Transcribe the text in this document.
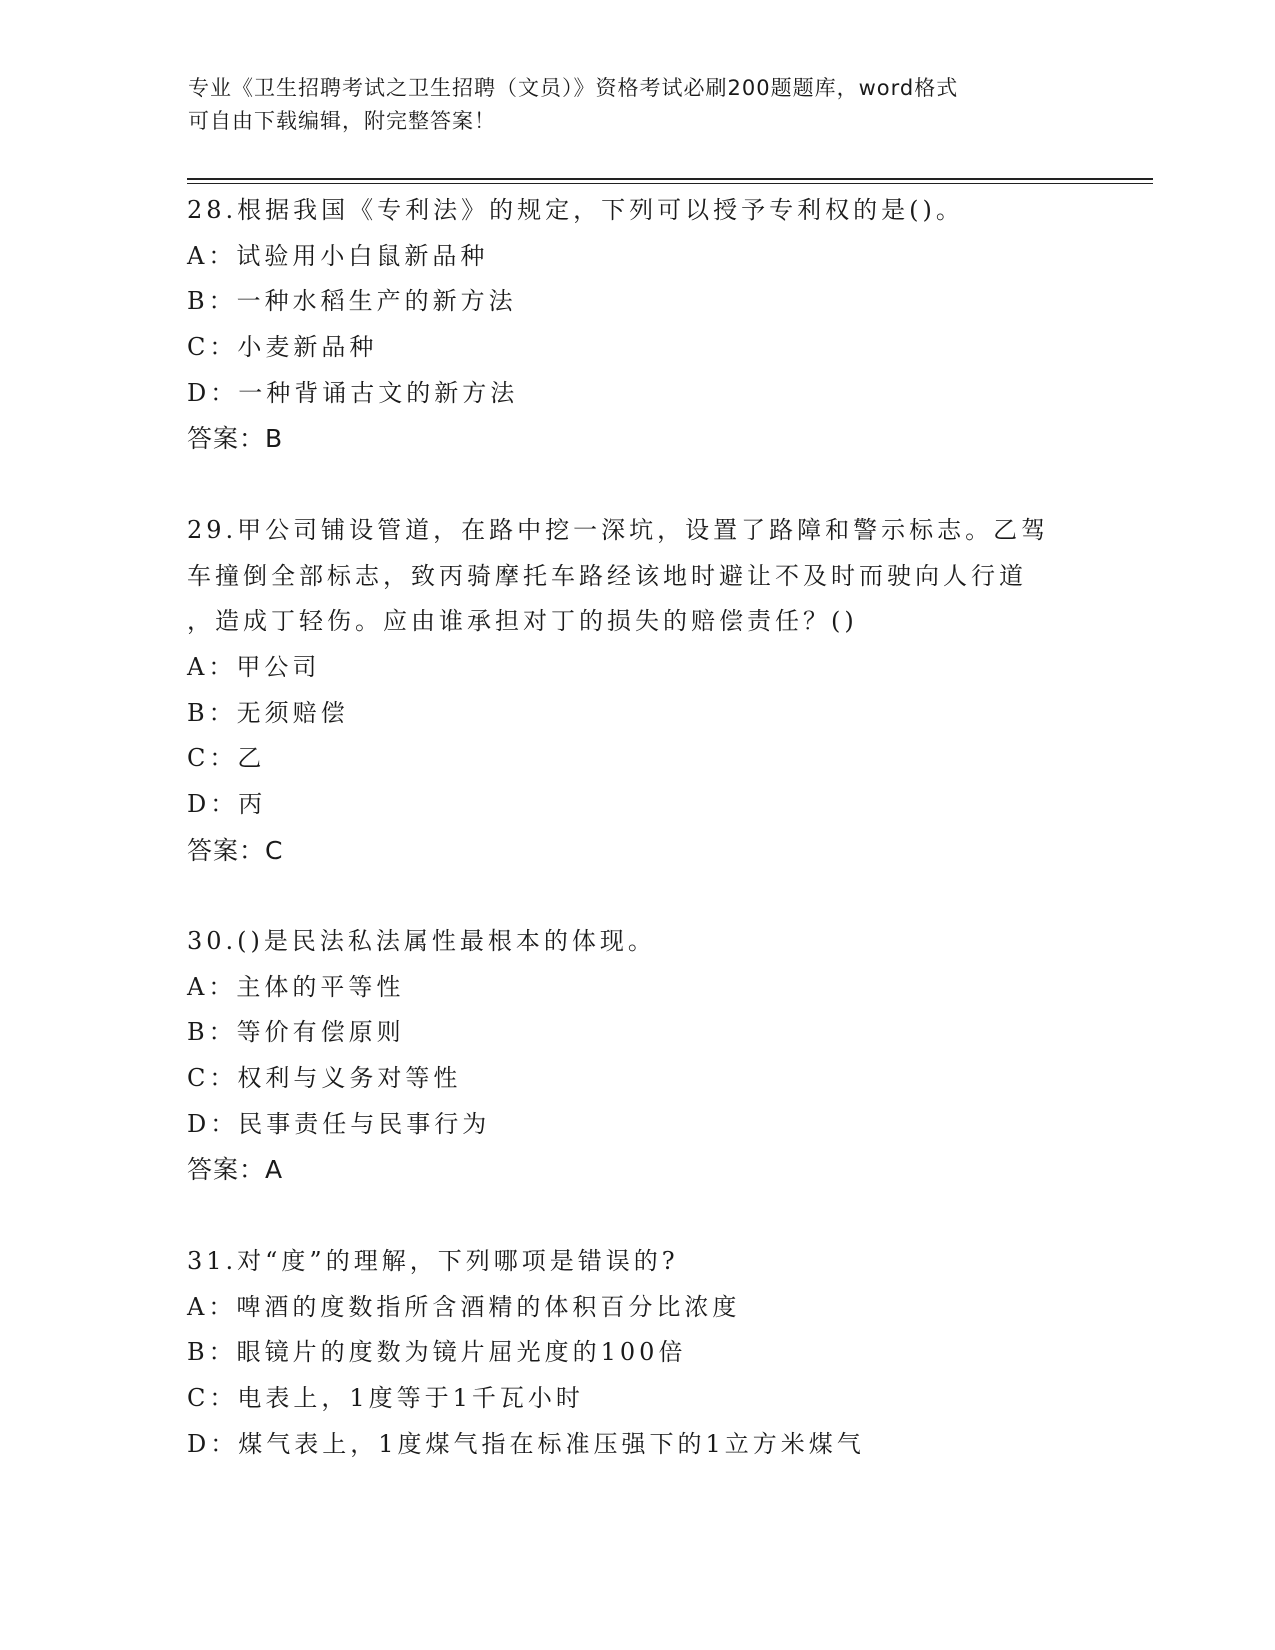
专业《卫生招聘考试之卫生招聘（文员）》资格考试必刷200题题库，word格式
可自由下载编辑，附完整答案！
28.根据我国《专利法》的规定，下列可以授予专利权的是()。
A：试验用小白鼠新品种
B：一种水稻生产的新方法
C：小麦新品种
D：一种背诵古文的新方法
答案：B
29.甲公司铺设管道，在路中挖一深坑，设置了路障和警示标志。乙驾
车撞倒全部标志，致丙骑摩托车路经该地时避让不及时而驶向人行道
，造成丁轻伤。应由谁承担对丁的损失的赔偿责任？()
A：甲公司
B：无须赔偿
C：乙
D：丙
答案：C
30.()是民法私法属性最根本的体现。
A：主体的平等性
B：等价有偿原则
C：权利与义务对等性
D：民事责任与民事行为
答案：A
31.对“度”的理解，下列哪项是错误的?
A：啤酒的度数指所含酒精的体积百分比浓度
B：眼镜片的度数为镜片屈光度的100倍
C：电表上，1度等于1千瓦小时
D：煤气表上，1度煤气指在标准压强下的1立方米煤气
